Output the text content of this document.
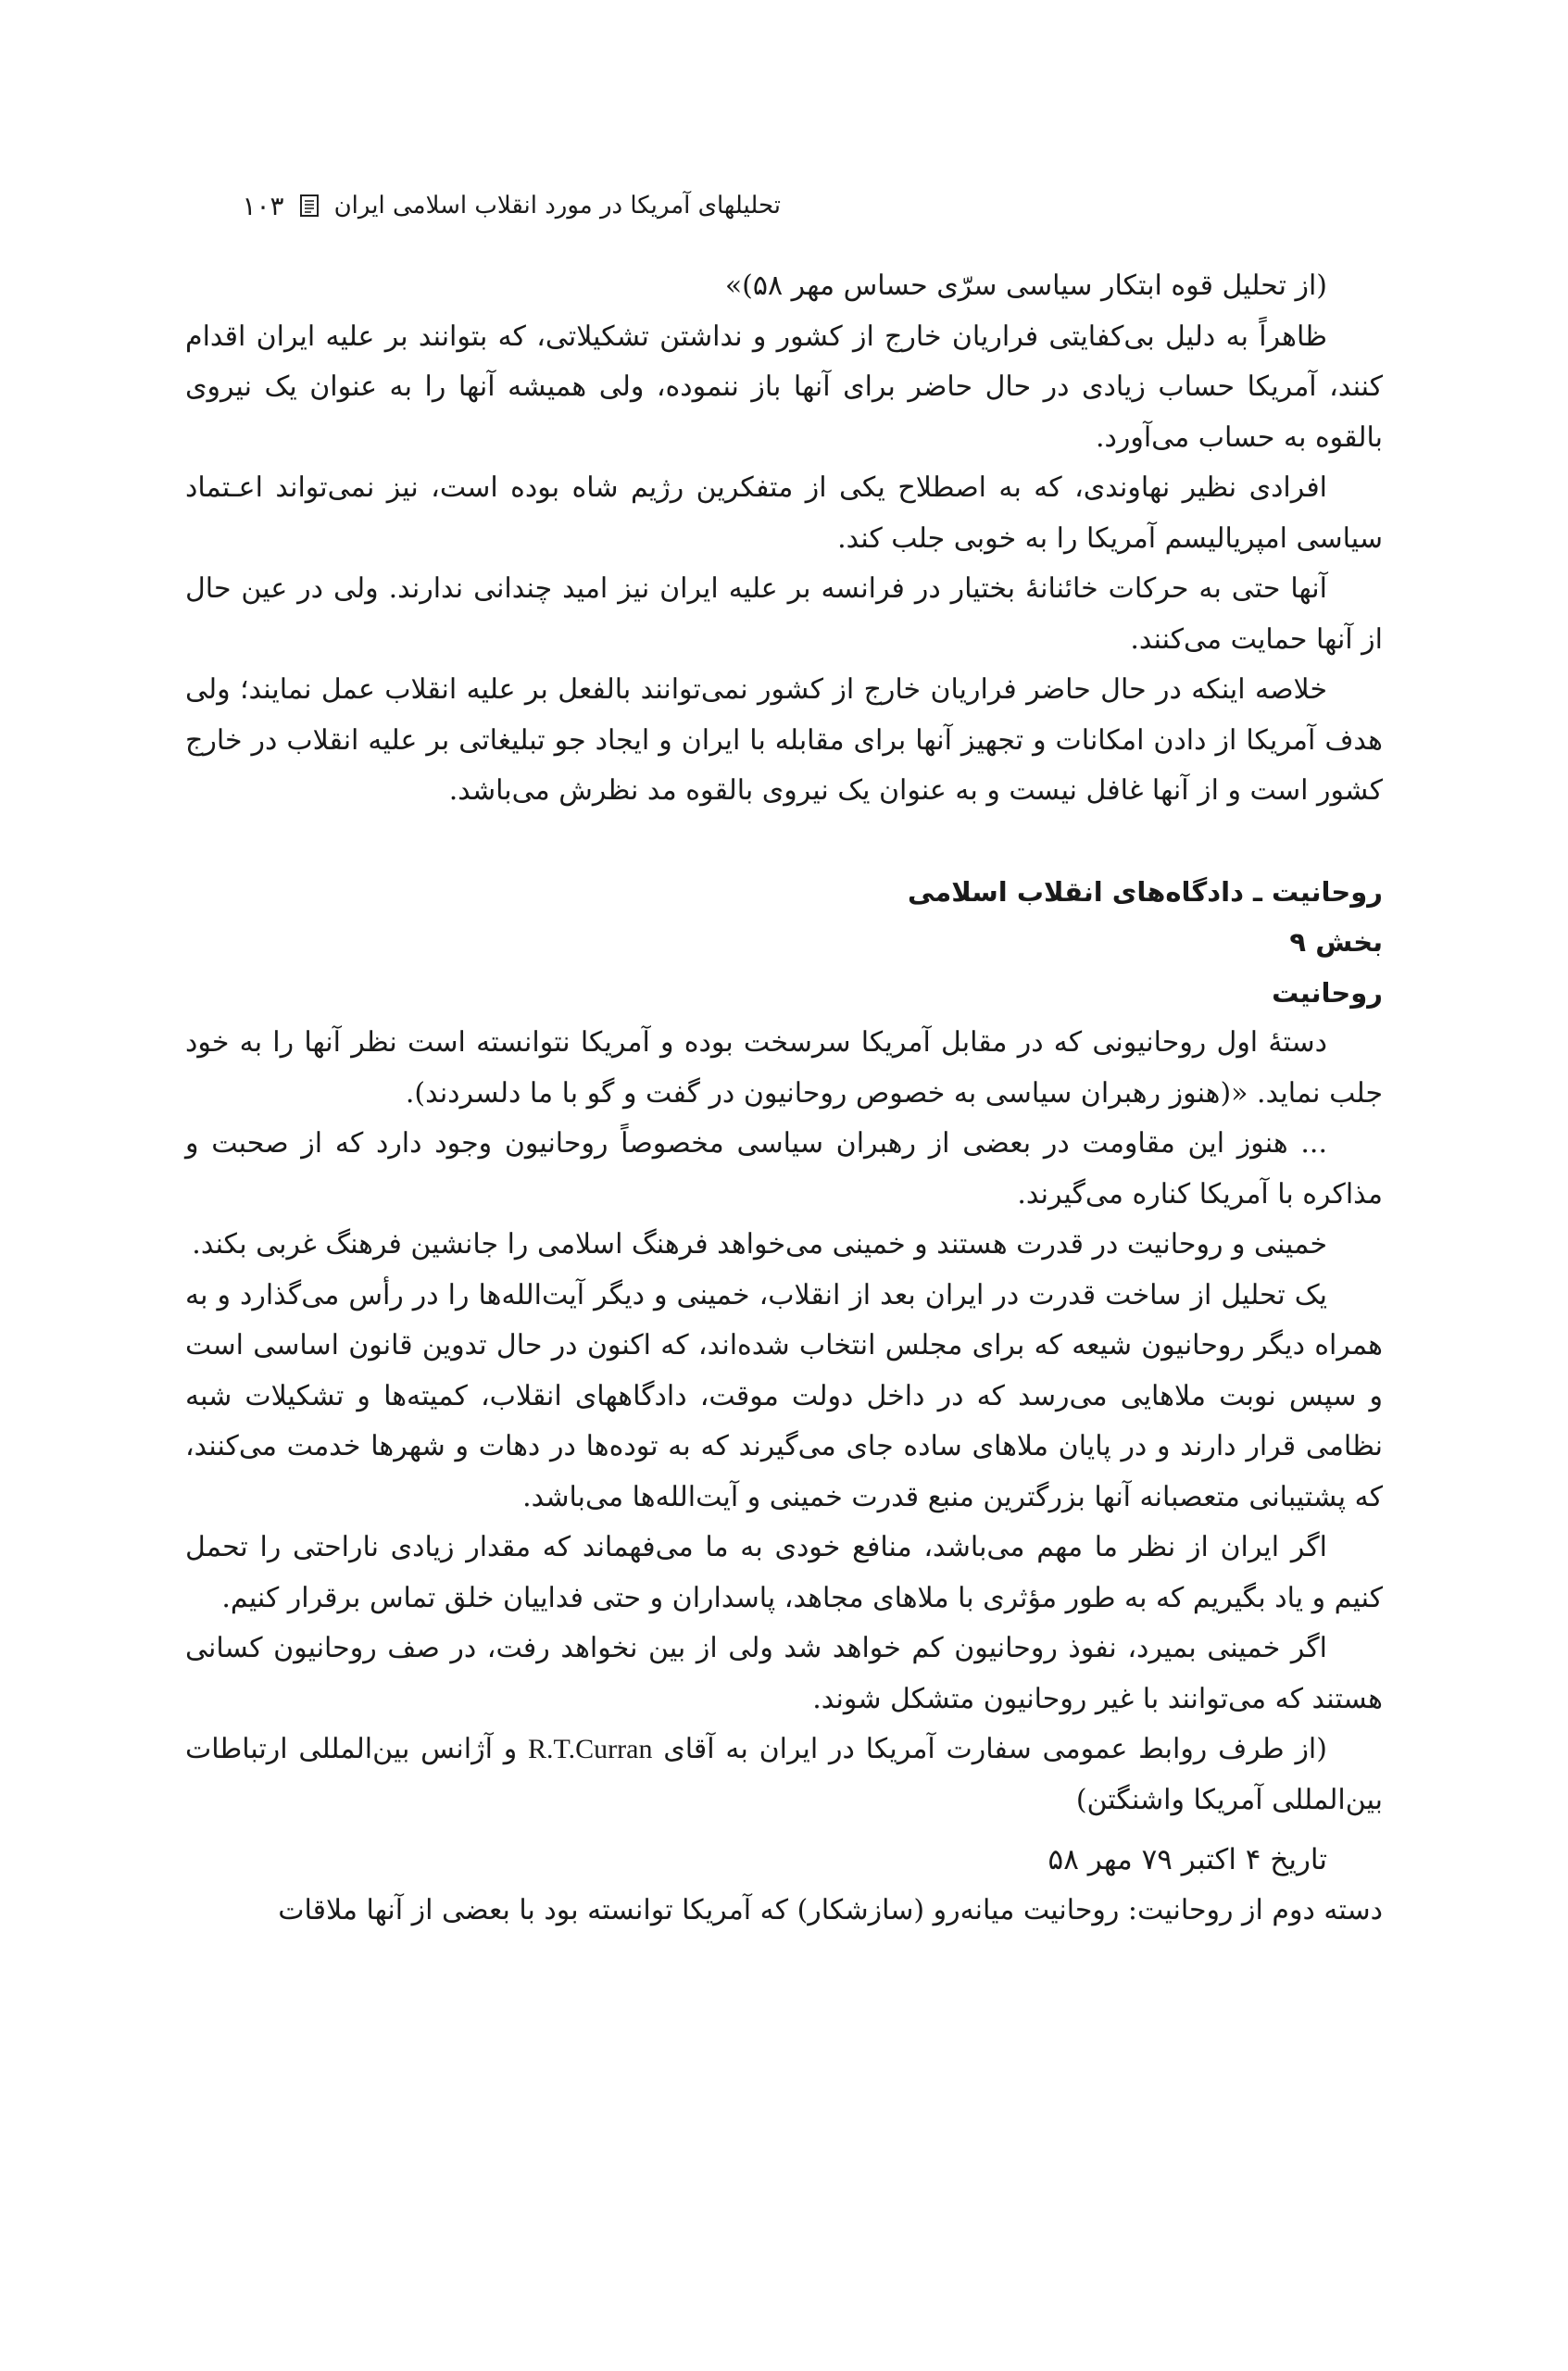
تحلیلهای آمریکا در مورد انقلاب اسلامی ایران
۱۰۳

(از تحلیل قوه ابتکار سیاسی سرّی حساس مهر ۵۸)»

ظاهراً به دلیل بی‌کفایتی فراریان خارج از کشور و نداشتن تشکیلاتی، که بتوانند بر علیه ایران اقدام کنند، آمریکا حساب زیادی در حال حاضر برای آنها باز ننموده، ولی همیشه آنها را به عنوان یک نیروی بالقوه به حساب می‌آورد.

افرادی نظیر نهاوندی، که به اصطلاح یکی از متفکرین رژیم شاه بوده است، نیز نمی‌تواند اعـتماد سیاسی امپریالیسم آمریکا را به خوبی جلب کند.

آنها حتی به حرکات خائنانهٔ بختیار در فرانسه بر علیه ایران نیز امید چندانی ندارند. ولی در عین حال از آنها حمایت می‌کنند.

خلاصه اینکه در حال حاضر فراریان خارج از کشور نمی‌توانند بالفعل بر علیه انقلاب عمل نمایند؛ ولی هدف آمریکا از دادن امکانات و تجهیز آنها برای مقابله با ایران و ایجاد جو تبلیغاتی بر علیه انقلاب در خارج کشور است و از آنها غافل نیست و به عنوان یک نیروی بالقوه مد نظرش می‌باشد.

روحانیت ـ دادگاه‌های انقلاب اسلامی

بخش ۹

روحانیت

دستهٔ اول روحانیونی که در مقابل آمریکا سرسخت بوده و آمریکا نتوانسته است نظر آنها را به خود جلب نماید. «(هنوز رهبران سیاسی به خصوص روحانیون در گفت و گو با ما دلسردند).

... هنوز این مقاومت در بعضی از رهبران سیاسی مخصوصاً روحانیون وجود دارد که از صحبت و مذاکره با آمریکا کناره می‌گیرند.

خمینی و روحانیت در قدرت هستند و خمینی می‌خواهد فرهنگ اسلامی را جانشین فرهنگ غربی بکند.

یک تحلیل از ساخت قدرت در ایران بعد از انقلاب، خمینی و دیگر آیت‌الله‌ها را در رأس می‌گذارد و به همراه دیگر روحانیون شیعه که برای مجلس انتخاب شده‌اند، که اکنون در حال تدوین قانون اساسی است و سپس نوبت ملاهایی می‌رسد که در داخل دولت موقت، دادگاههای انقلاب، کمیته‌ها و تشکیلات شبه نظامی قرار دارند و در پایان ملاهای ساده جای می‌گیرند که به توده‌ها در دهات و شهرها خدمت می‌کنند، که پشتیبانی متعصبانه آنها بزرگترین منبع قدرت خمینی و آیت‌الله‌ها می‌باشد.

اگر ایران از نظر ما مهم می‌باشد، منافع خودی به ما می‌فهماند که مقدار زیادی ناراحتی را تحمل کنیم و یاد بگیریم که به طور مؤثری با ملاهای مجاهد، پاسداران و حتی فداییان خلق تماس برقرار کنیم.

اگر خمینی بمیرد، نفوذ روحانیون کم خواهد شد ولی از بین نخواهد رفت، در صف روحانیون کسانی هستند که می‌توانند با غیر روحانیون متشکل شوند.

(از طرف روابط عمومی سفارت آمریکا در ایران به آقای R.T.Curran و آژانس بین‌المللی ارتباطات بین‌المللی آمریکا واشنگتن)

تاریخ ۴ اکتبر ۷۹ مهر ۵۸

دسته دوم از روحانیت: روحانیت میانه‌رو (سازشکار) که آمریکا توانسته بود با بعضی از آنها ملاقات
